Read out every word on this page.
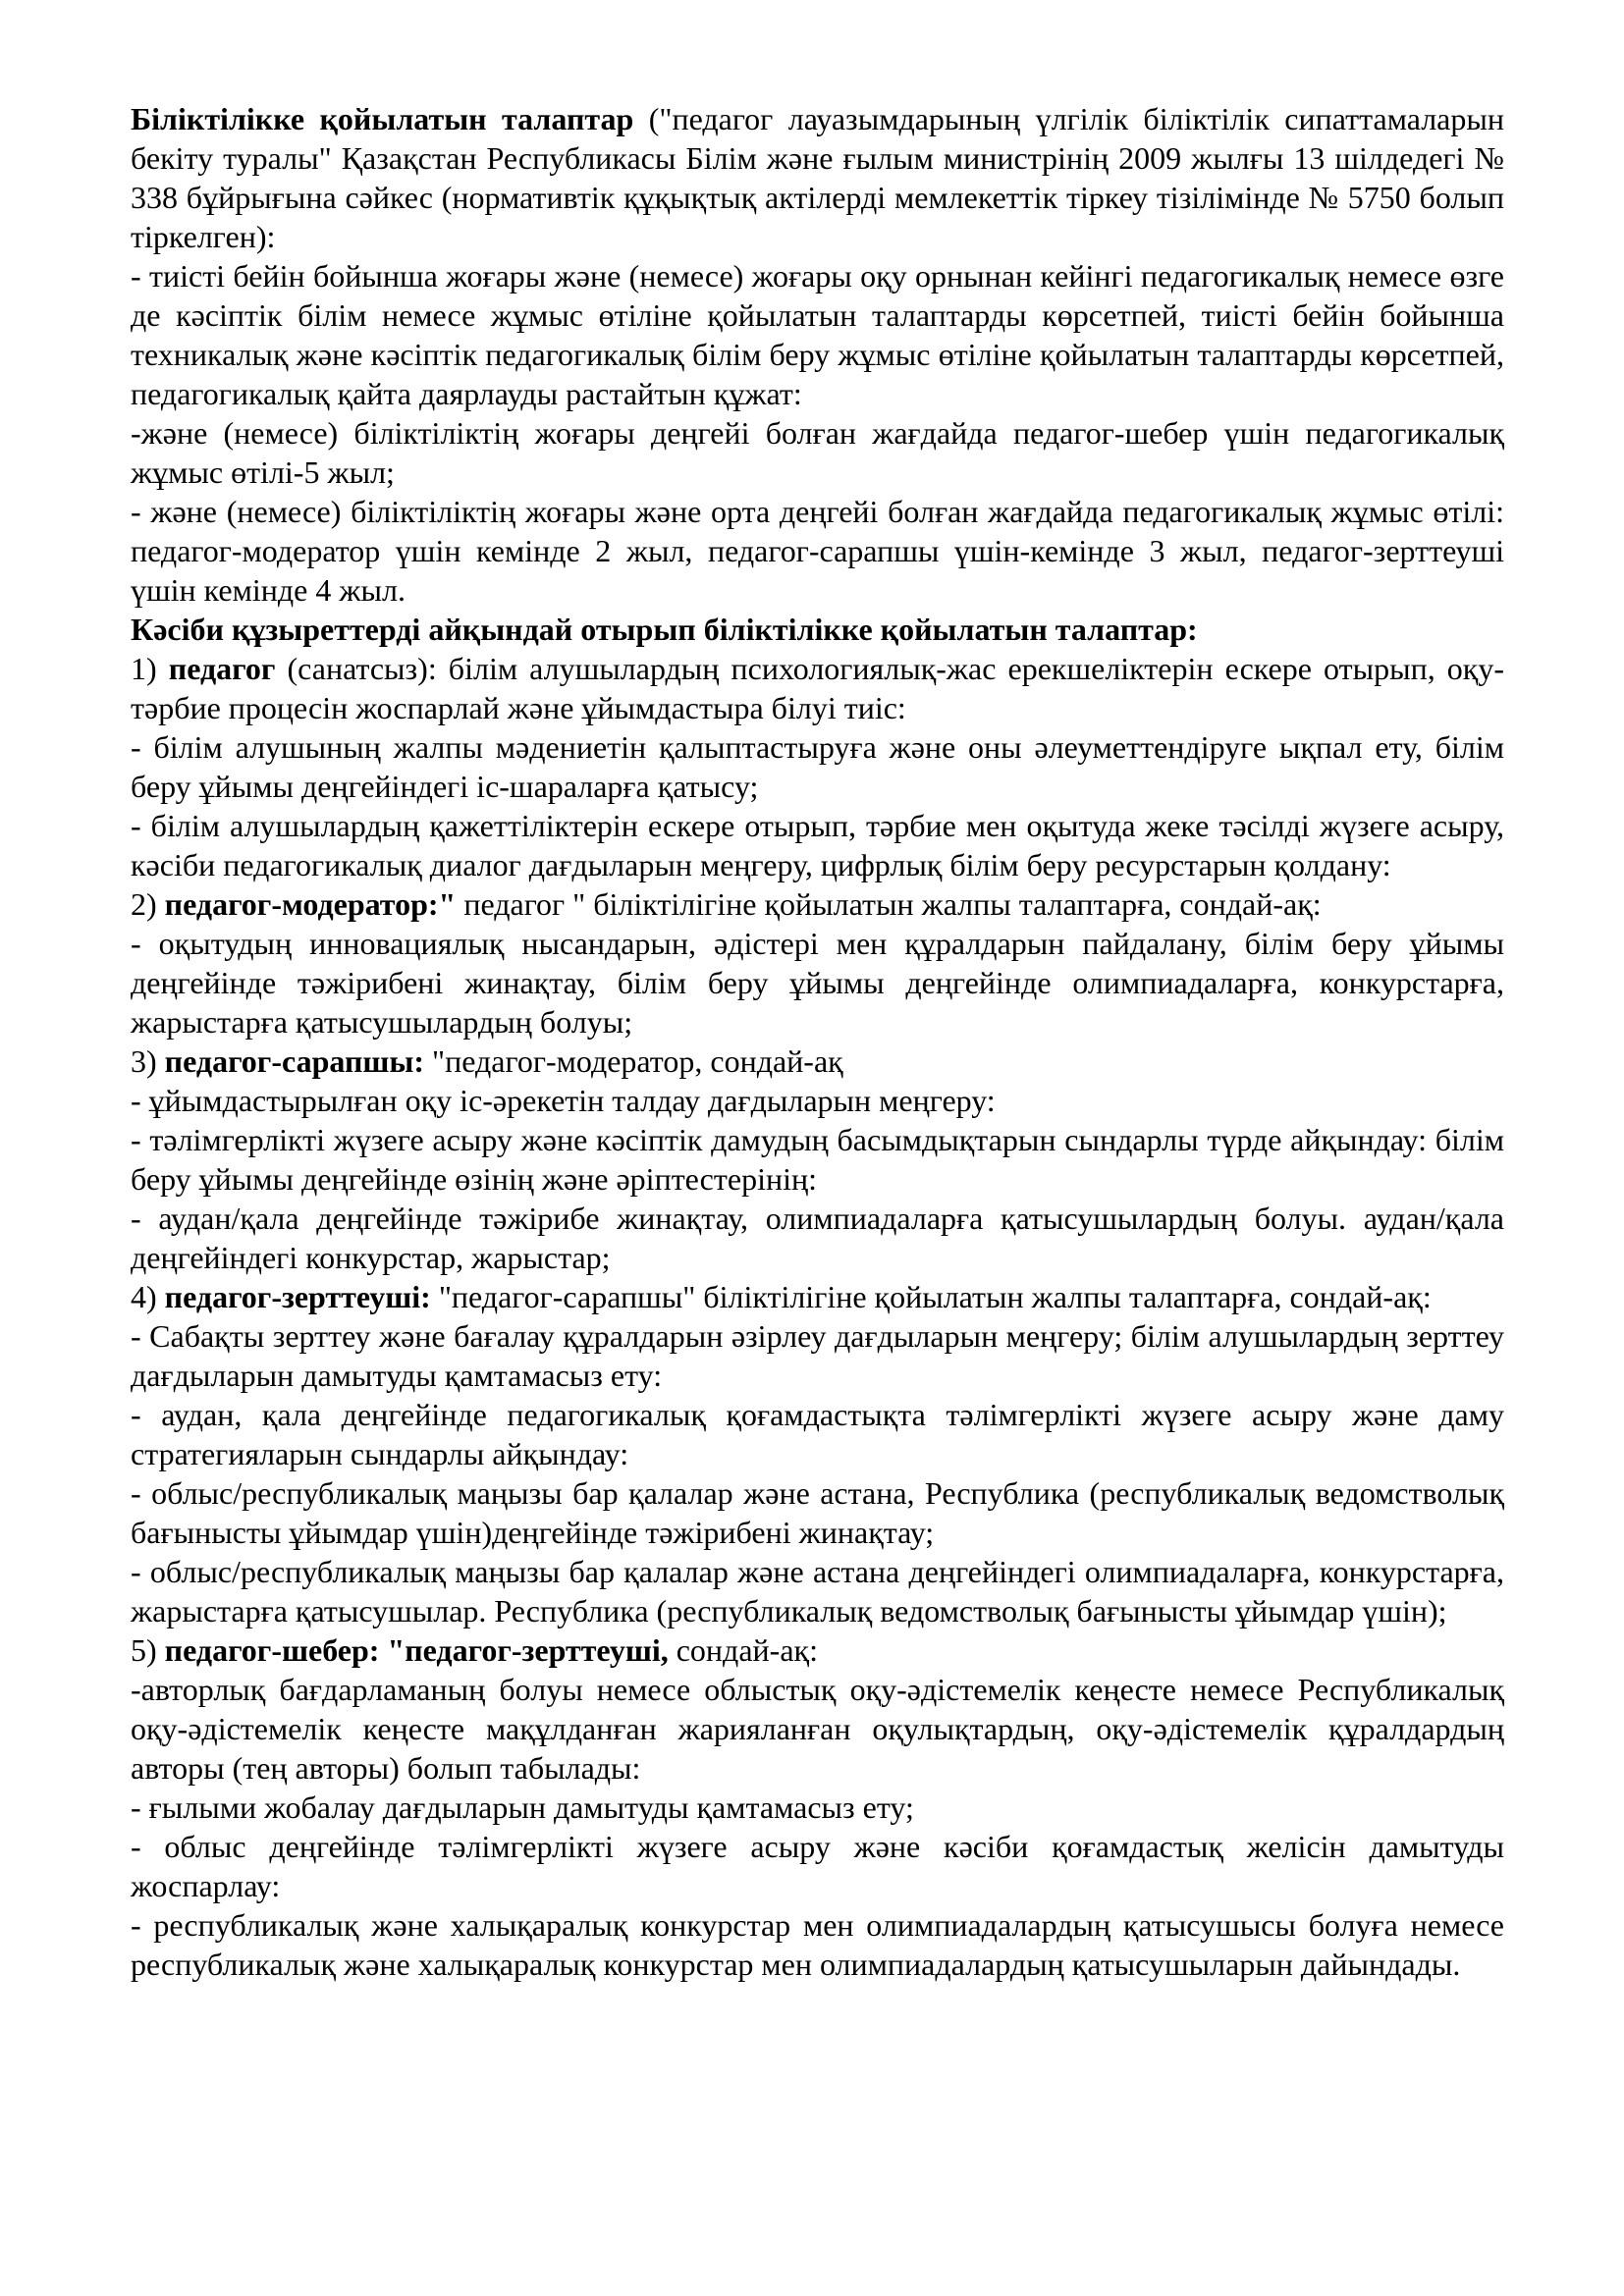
Біліктілікке қойылатын талаптар ("педагог лауазымдарының үлгілік біліктілік сипаттамаларын бекіту туралы" Қазақстан Республикасы Білім және ғылым министрінің 2009 жылғы 13 шілдедегі № 338 бұйрығына сәйкес (нормативтік құқықтық актілерді мемлекеттік тіркеу тізілімінде № 5750 болып тіркелген):

- тиісті бейін бойынша жоғары және (немесе) жоғары оқу орнынан кейінгі педагогикалық немесе өзге де кәсіптік білім немесе жұмыс өтіліне қойылатын талаптарды көрсетпей, тиісті бейін бойынша техникалық және кәсіптік педагогикалық білім беру жұмыс өтіліне қойылатын талаптарды көрсетпей, педагогикалық қайта даярлауды растайтын құжат:

-және (немесе) біліктіліктің жоғары деңгейі болған жағдайда педагог-шебер үшін педагогикалық жұмыс өтілі-5 жыл;

- және (немесе) біліктіліктің жоғары және орта деңгейі болған жағдайда педагогикалық жұмыс өтілі: педагог-модератор үшін кемінде 2 жыл, педагог-сарапшы үшін-кемінде 3 жыл, педагог-зерттеуші үшін кемінде 4 жыл.

Кәсіби құзыреттерді айқындай отырып біліктілікке қойылатын талаптар:

1) педагог (санатсыз): білім алушылардың психологиялық-жас ерекшеліктерін ескере отырып, оқу-тәрбие процесін жоспарлай және ұйымдастыра білуі тиіс:

- білім алушының жалпы мәдениетін қалыптастыруға және оны әлеуметтендіруге ықпал ету, білім беру ұйымы деңгейіндегі іс-шараларға қатысу;

- білім алушылардың қажеттіліктерін ескере отырып, тәрбие мен оқытуда жеке тәсілді жүзеге асыру, кәсіби педагогикалық диалог дағдыларын меңгеру, цифрлық білім беру ресурстарын қолдану:

2) педагог-модератор:" педагог " біліктілігіне қойылатын жалпы талаптарға, сондай-ақ:

- оқытудың инновациялық нысандарын, әдістері мен құралдарын пайдалану, білім беру ұйымы деңгейінде тәжірибені жинақтау, білім беру ұйымы деңгейінде олимпиадаларға, конкурстарға, жарыстарға қатысушылардың болуы;

3) педагог-сарапшы: "педагог-модератор, сондай-ақ

- ұйымдастырылған оқу іс-әрекетін талдау дағдыларын меңгеру:

- тәлімгерлікті жүзеге асыру және кәсіптік дамудың басымдықтарын сындарлы түрде айқындау: білім беру ұйымы деңгейінде өзінің және әріптестерінің:

- аудан/қала деңгейінде тәжірибе жинақтау, олимпиадаларға қатысушылардың болуы. аудан/қала деңгейіндегі конкурстар, жарыстар;

4) педагог-зерттеуші: "педагог-сарапшы" біліктілігіне қойылатын жалпы талаптарға, сондай-ақ:

- Сабақты зерттеу және бағалау құралдарын әзірлеу дағдыларын меңгеру; білім алушылардың зерттеу дағдыларын дамытуды қамтамасыз ету:

- аудан, қала деңгейінде педагогикалық қоғамдастықта тәлімгерлікті жүзеге асыру және даму стратегияларын сындарлы айқындау:

- облыс/республикалық маңызы бар қалалар және астана, Республика (республикалық ведомстволық бағынысты ұйымдар үшін)деңгейінде тәжірибені жинақтау;

- облыс/республикалық маңызы бар қалалар және астана деңгейіндегі олимпиадаларға, конкурстарға, жарыстарға қатысушылар. Республика (республикалық ведомстволық бағынысты ұйымдар үшін);

5) педагог-шебер: "педагог-зерттеуші, сондай-ақ:

-авторлық бағдарламаның болуы немесе облыстық оқу-әдістемелік кеңесте немесе Республикалық оқу-әдістемелік кеңесте мақұлданған жарияланған оқулықтардың, оқу-әдістемелік құралдардың авторы (тең авторы) болып табылады:

- ғылыми жобалау дағдыларын дамытуды қамтамасыз ету;

- облыс деңгейінде тәлімгерлікті жүзеге асыру және кәсіби қоғамдастық желісін дамытуды жоспарлау:

- республикалық және халықаралық конкурстар мен олимпиадалардың қатысушысы болуға немесе республикалық және халықаралық конкурстар мен олимпиадалардың қатысушыларын дайындады.
